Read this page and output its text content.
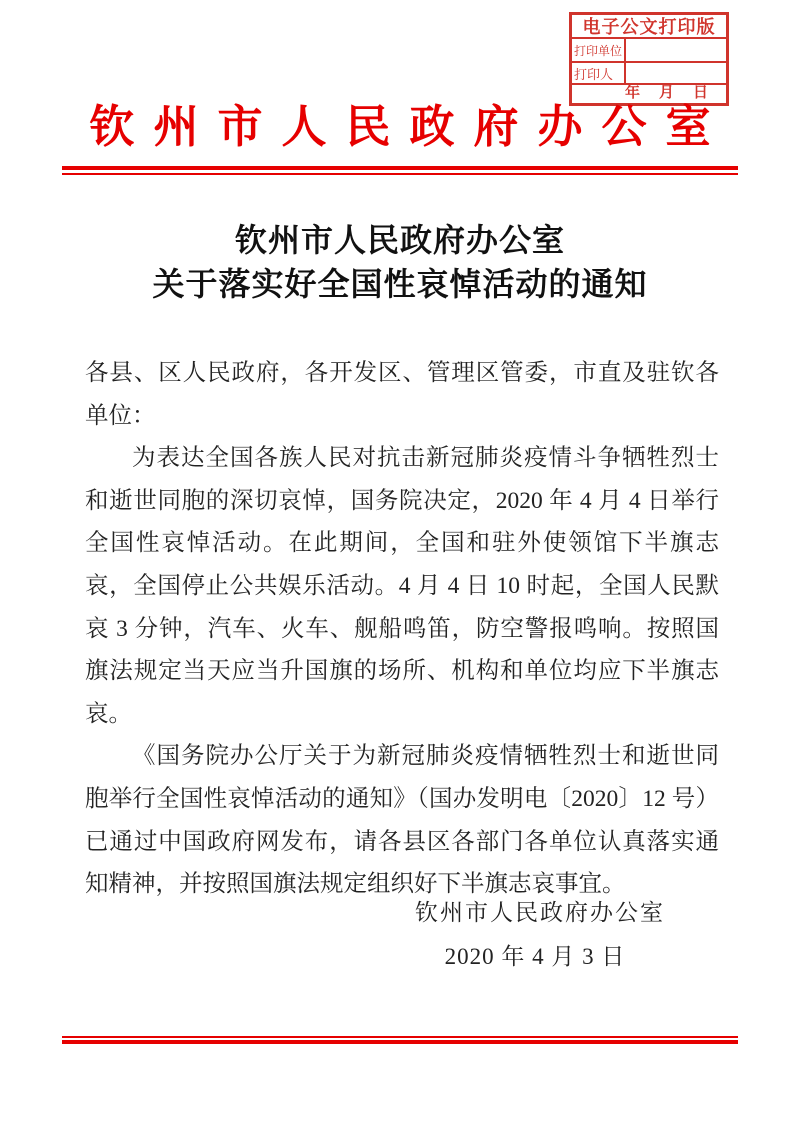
电子公文打印版
打印单位
打印人
年　月　日
钦州市人民政府办公室
钦州市人民政府办公室
关于落实好全国性哀悼活动的通知

各县、区人民政府，各开发区、管理区管委，市直及驻钦各单位：

为表达全国各族人民对抗击新冠肺炎疫情斗争牺牲烈士和逝世同胞的深切哀悼，国务院决定，2020 年 4 月 4 日举行全国性哀悼活动。在此期间，全国和驻外使领馆下半旗志哀，全国停止公共娱乐活动。4 月 4 日 10 时起，全国人民默哀 3 分钟，汽车、火车、舰船鸣笛，防空警报鸣响。按照国旗法规定当天应当升国旗的场所、机构和单位均应下半旗志哀。

《国务院办公厅关于为新冠肺炎疫情牺牲烈士和逝世同胞举行全国性哀悼活动的通知》（国办发明电〔2020〕12 号）已通过中国政府网发布，请各县区各部门各单位认真落实通知精神，并按照国旗法规定组织好下半旗志哀事宜。

钦州市人民政府办公室
2020 年 4 月 3 日
